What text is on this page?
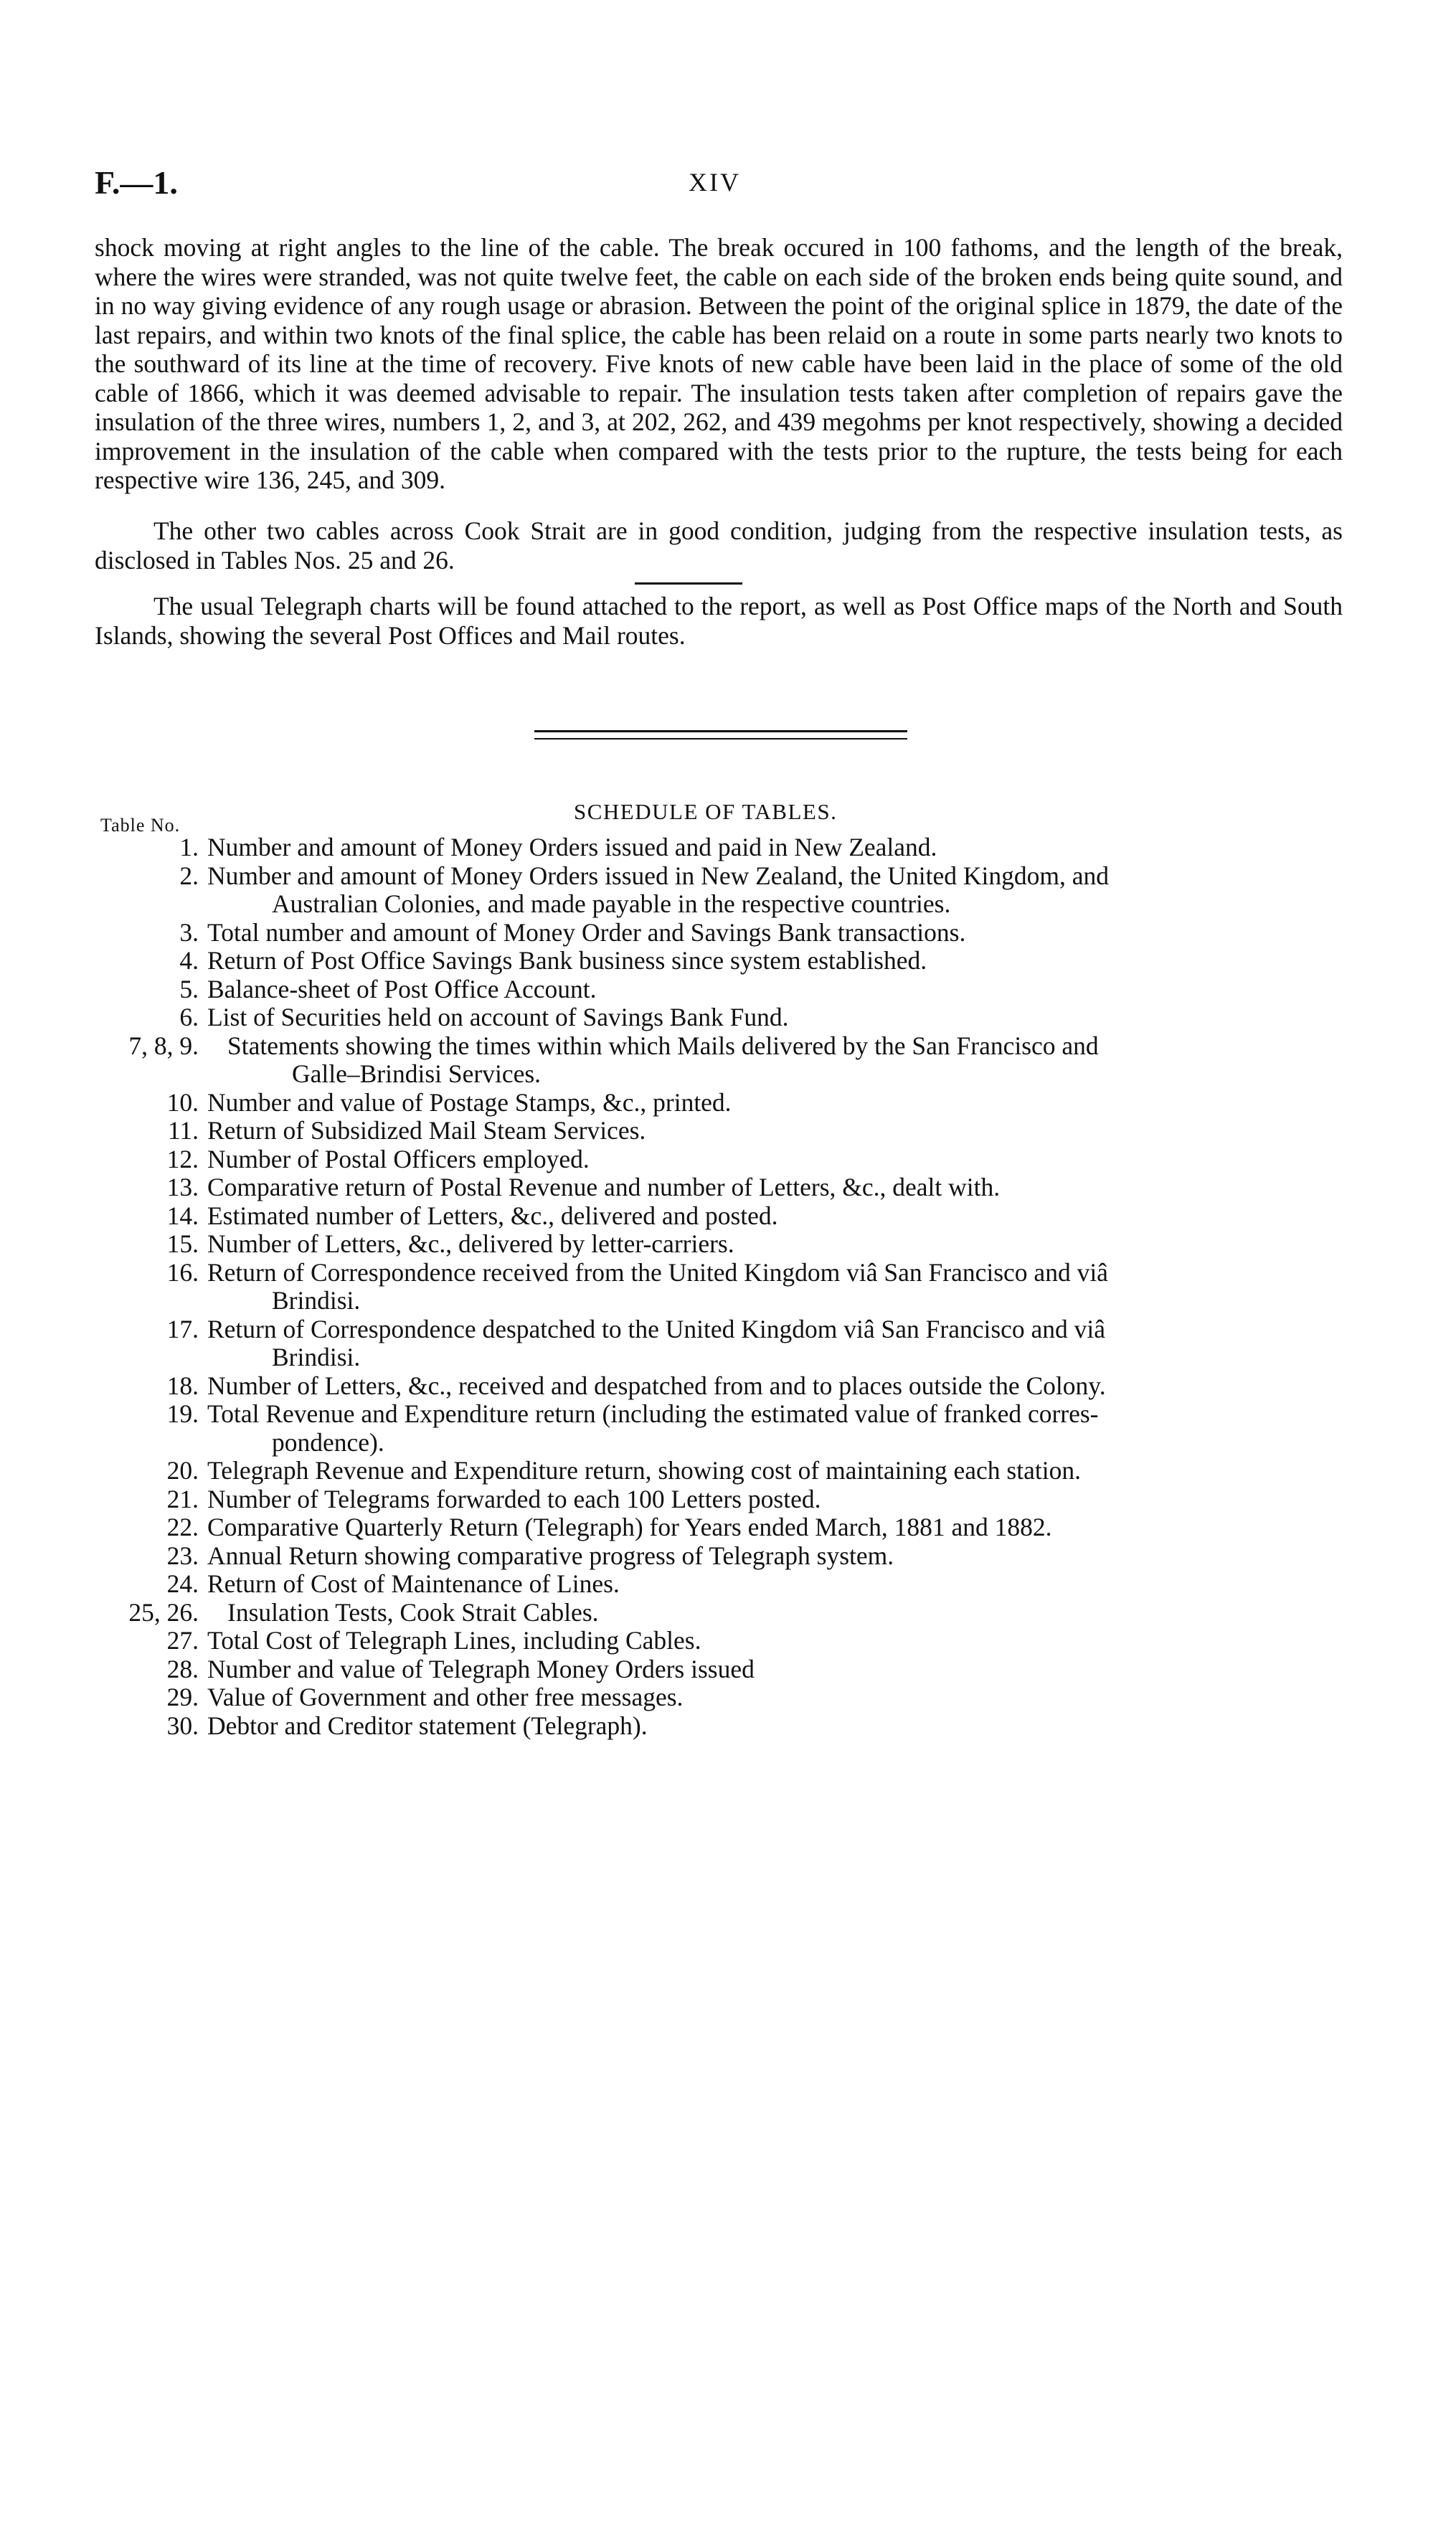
F.—1.	XIV

shock moving at right angles to the line of the cable. The break occured in 100 fathoms, and the length of the break, where the wires were stranded, was not quite twelve feet, the cable on each side of the broken ends being quite sound, and in no way giving evidence of any rough usage or abrasion. Between the point of the original splice in 1879, the date of the last repairs, and within two knots of the final splice, the cable has been relaid on a route in some parts nearly two knots to the southward of its line at the time of recovery. Five knots of new cable have been laid in the place of some of the old cable of 1866, which it was deemed advisable to repair. The insulation tests taken after completion of repairs gave the insulation of the three wires, numbers 1, 2, and 3, at 202, 262, and 439 megohms per knot respectively, showing a decided improvement in the insulation of the cable when compared with the tests prior to the rupture, the tests being for each respective wire 136, 245, and 309.

The other two cables across Cook Strait are in good condition, judging from the respective insulation tests, as disclosed in Tables Nos. 25 and 26.

The usual Telegraph charts will be found attached to the report, as well as Post Office maps of the North and South Islands, showing the several Post Offices and Mail routes.

Table No.
SCHEDULE OF TABLES.
1. Number and amount of Money Orders issued and paid in New Zealand.
2. Number and amount of Money Orders issued in New Zealand, the United Kingdom, and
Australian Colonies, and made payable in the respective countries.
3. Total number and amount of Money Order and Savings Bank transactions.
4. Return of Post Office Savings Bank business since system established.
5. Balance-sheet of Post Office Account.
6. List of Securities held on account of Savings Bank Fund.
7, 8, 9. Statements showing the times within which Mails delivered by the San Francisco and
Galle–Brindisi Services.
10. Number and value of Postage Stamps, &c., printed.
11. Return of Subsidized Mail Steam Services.
12. Number of Postal Officers employed.
13. Comparative return of Postal Revenue and number of Letters, &c., dealt with.
14. Estimated number of Letters, &c., delivered and posted.
15. Number of Letters, &c., delivered by letter-carriers.
16. Return of Correspondence received from the United Kingdom viâ San Francisco and viâ
Brindisi.
17. Return of Correspondence despatched to the United Kingdom viâ San Francisco and viâ
Brindisi.
18. Number of Letters, &c., received and despatched from and to places outside the Colony.
19. Total Revenue and Expenditure return (including the estimated value of franked corres-
pondence).
20. Telegraph Revenue and Expenditure return, showing cost of maintaining each station.
21. Number of Telegrams forwarded to each 100 Letters posted.
22. Comparative Quarterly Return (Telegraph) for Years ended March, 1881 and 1882.
23. Annual Return showing comparative progress of Telegraph system.
24. Return of Cost of Maintenance of Lines.
25, 26. Insulation Tests, Cook Strait Cables.
27. Total Cost of Telegraph Lines, including Cables.
28. Number and value of Telegraph Money Orders issued
29. Value of Government and other free messages.
30. Debtor and Creditor statement (Telegraph).
